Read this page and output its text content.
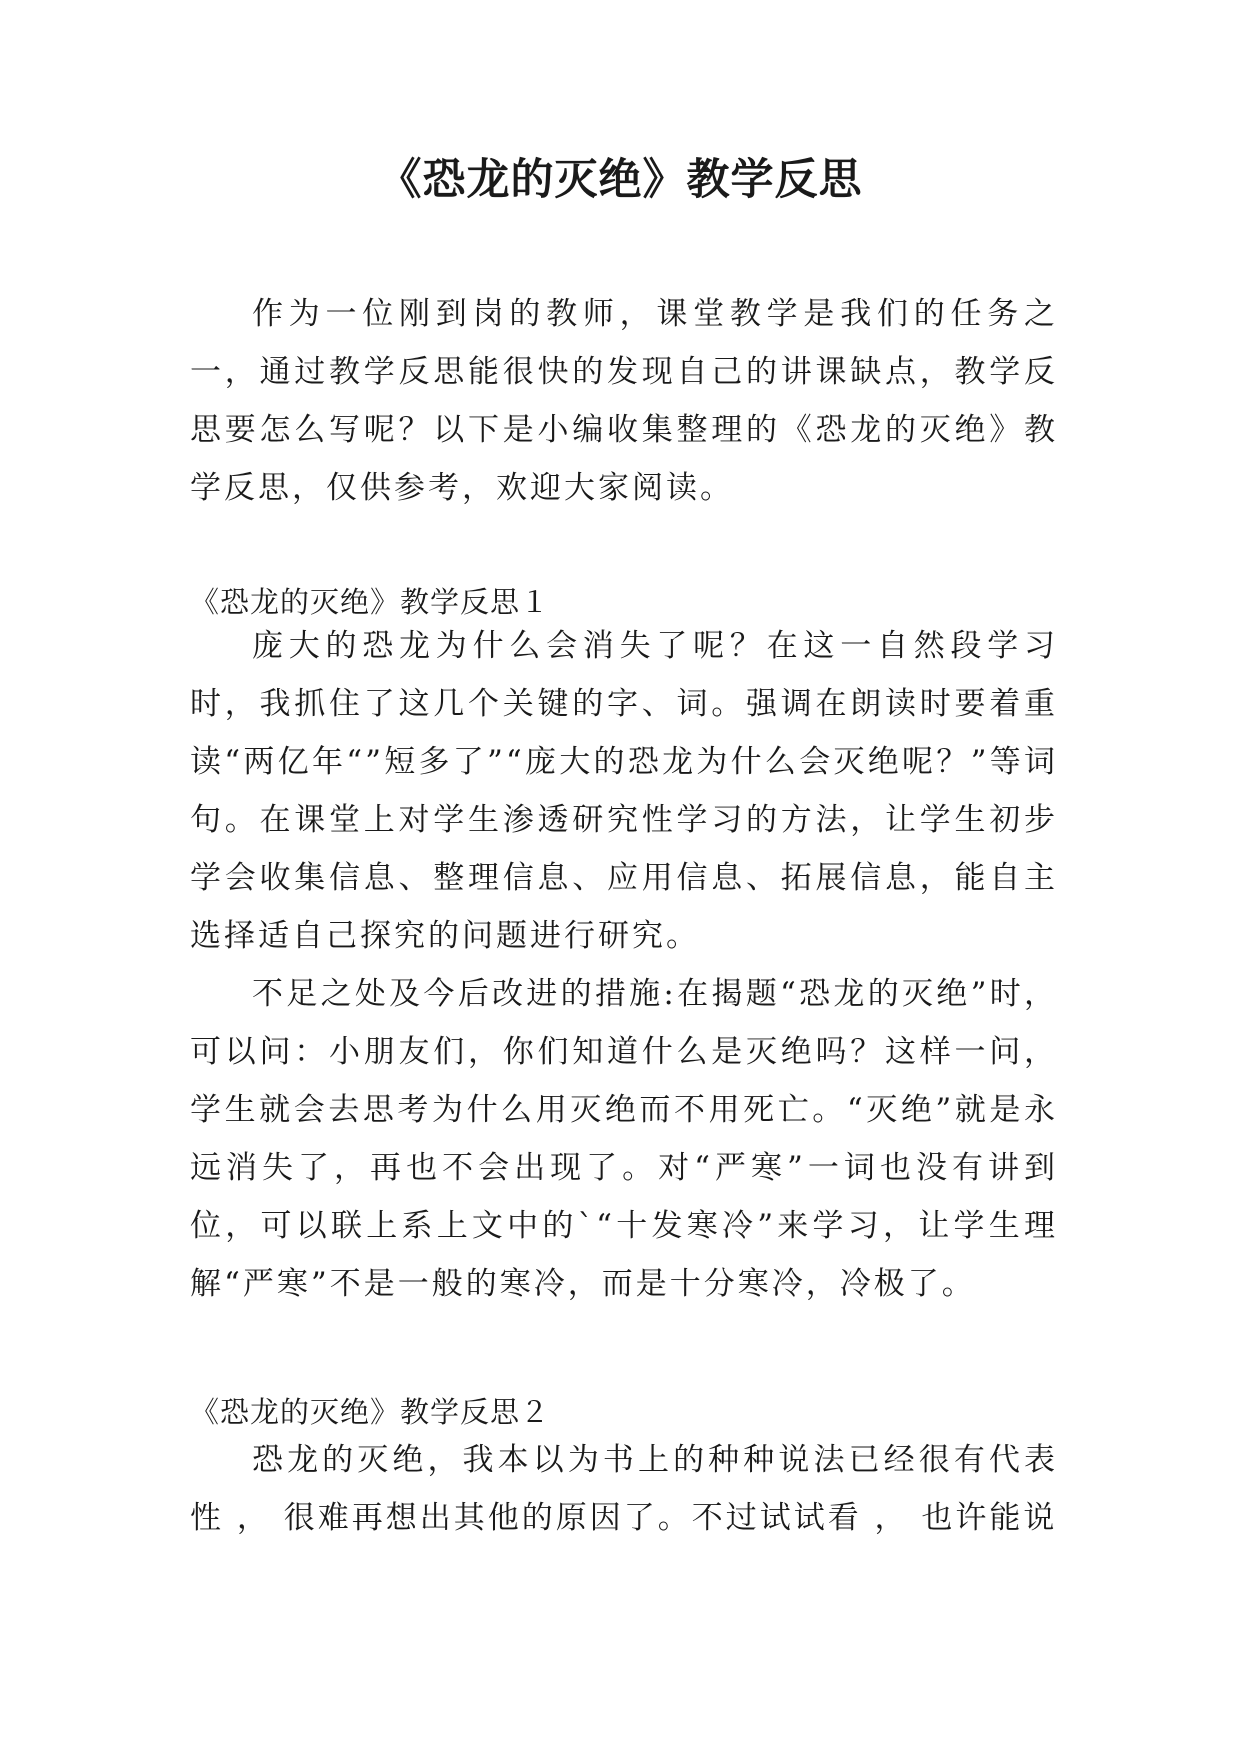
《恐龙的灭绝》教学反思

作为一位刚到岗的教师，课堂教学是我们的任务之一，通过教学反思能很快的发现自己的讲课缺点，教学反思要怎么写呢？以下是小编收集整理的《恐龙的灭绝》教学反思，仅供参考，欢迎大家阅读。

《恐龙的灭绝》教学反思１

庞大的恐龙为什么会消失了呢？在这一自然段学习时，我抓住了这几个关键的字、词。强调在朗读时要着重读“两亿年“”短多了”“庞大的恐龙为什么会灭绝呢？”等词句。在课堂上对学生渗透研究性学习的方法，让学生初步学会收集信息、整理信息、应用信息、拓展信息，能自主选择适自己探究的问题进行研究。

不足之处及今后改进的措施:在揭题“恐龙的灭绝”时，可以问：小朋友们，你们知道什么是灭绝吗？这样一问，学生就会去思考为什么用灭绝而不用死亡。“灭绝”就是永远消失了，再也不会出现了。对“严寒”一词也没有讲到位，可以联上系上文中的`“十发寒冷”来学习，让学生理解“严寒”不是一般的寒冷，而是十分寒冷，冷极了。

《恐龙的灭绝》教学反思２

恐龙的灭绝，我本以为书上的种种说法已经很有代表性 ， 很难再想出其他的原因了。不过试试看 ， 也许能说
